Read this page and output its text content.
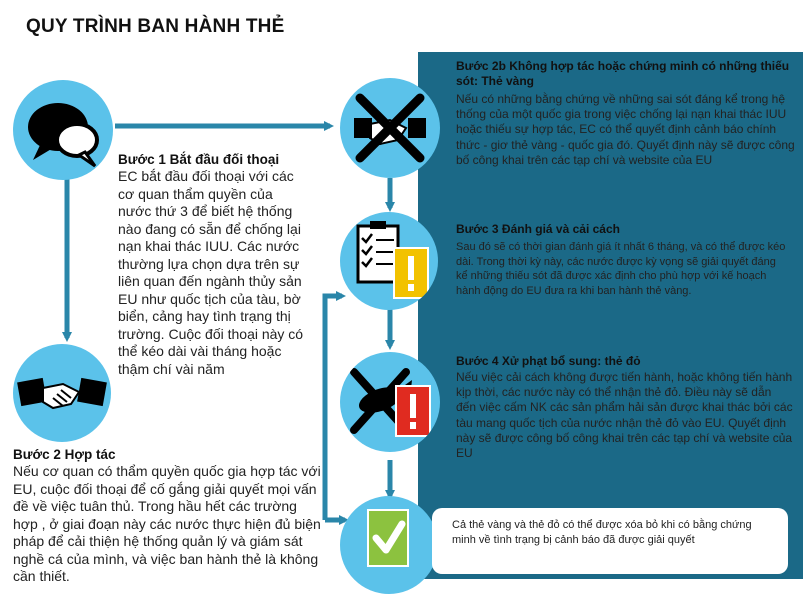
QUY TRÌNH BAN HÀNH THẺ
Bước 1 Bắt đầu đối thoại
EC bắt đầu đối thoại với các cơ quan thẩm quyền của nước thứ 3 để biết hệ thống nào đang có sẵn để chống lại nạn khai thác IUU. Các nước thường lựa chọn dựa trên sự liên quan đến ngành thủy sản EU như quốc tịch của tàu, bờ biển, cảng hay tình trạng thị trường. Cuộc đối thoại này có thể kéo dài vài tháng hoặc thậm chí vài năm
Bước 2 Hợp tác
Nếu cơ quan có thẩm quyền quốc gia hợp tác với EU, cuộc đối thoại để cố gắng giải quyết mọi vấn đề về việc tuân thủ. Trong hầu hết các trường hợp , ở giai đoạn này các nước thực hiện đủ biện pháp để cải thiện hệ thống quản lý và giám sát nghề cá của mình, và việc ban hành thẻ là không cần thiết.
Bước 2b Không hợp tác hoặc chứng minh có những thiếu sót: Thẻ vàng
Nếu có những bằng chứng về những sai sót đáng kể trong hệ thống của một quốc gia trong việc chống lại nạn khai thác IUU hoặc thiếu sự hợp tác, EC có thể quyết định cảnh báo chính thức - giơ thẻ vàng - quốc gia đó. Quyết định này sẽ được công bố công khai trên các tạp chí và website của EU
Bước 3 Đánh giá và cải cách
Sau đó sẽ có thời gian đánh giá ít nhất 6 tháng, và có thể được kéo dài. Trong thời kỳ này, các nước được kỳ vọng sẽ giải quyết đáng kể những thiếu sót đã được xác định cho phù hợp với kế hoạch hành động do EU đưa ra khi ban hành thẻ vàng.
Bước 4 Xử phạt bổ sung: thẻ đỏ
Nếu việc cải cách không được tiến hành, hoặc không tiến hành kịp thời, các nước này có thể nhận thẻ đỏ. Điều này sẽ dẫn đến việc cấm NK các sản phẩm hải sản được khai thác bởi các tàu mang quốc tịch của nước nhận thẻ đỏ vào EU. Quyết định này sẽ được công bố công khai trên các tạp chí và website của EU
Cả thẻ vàng và thẻ đỏ có thể được xóa bỏ khi có bằng chứng minh về tình trạng bị cảnh báo đã được giải quyết
